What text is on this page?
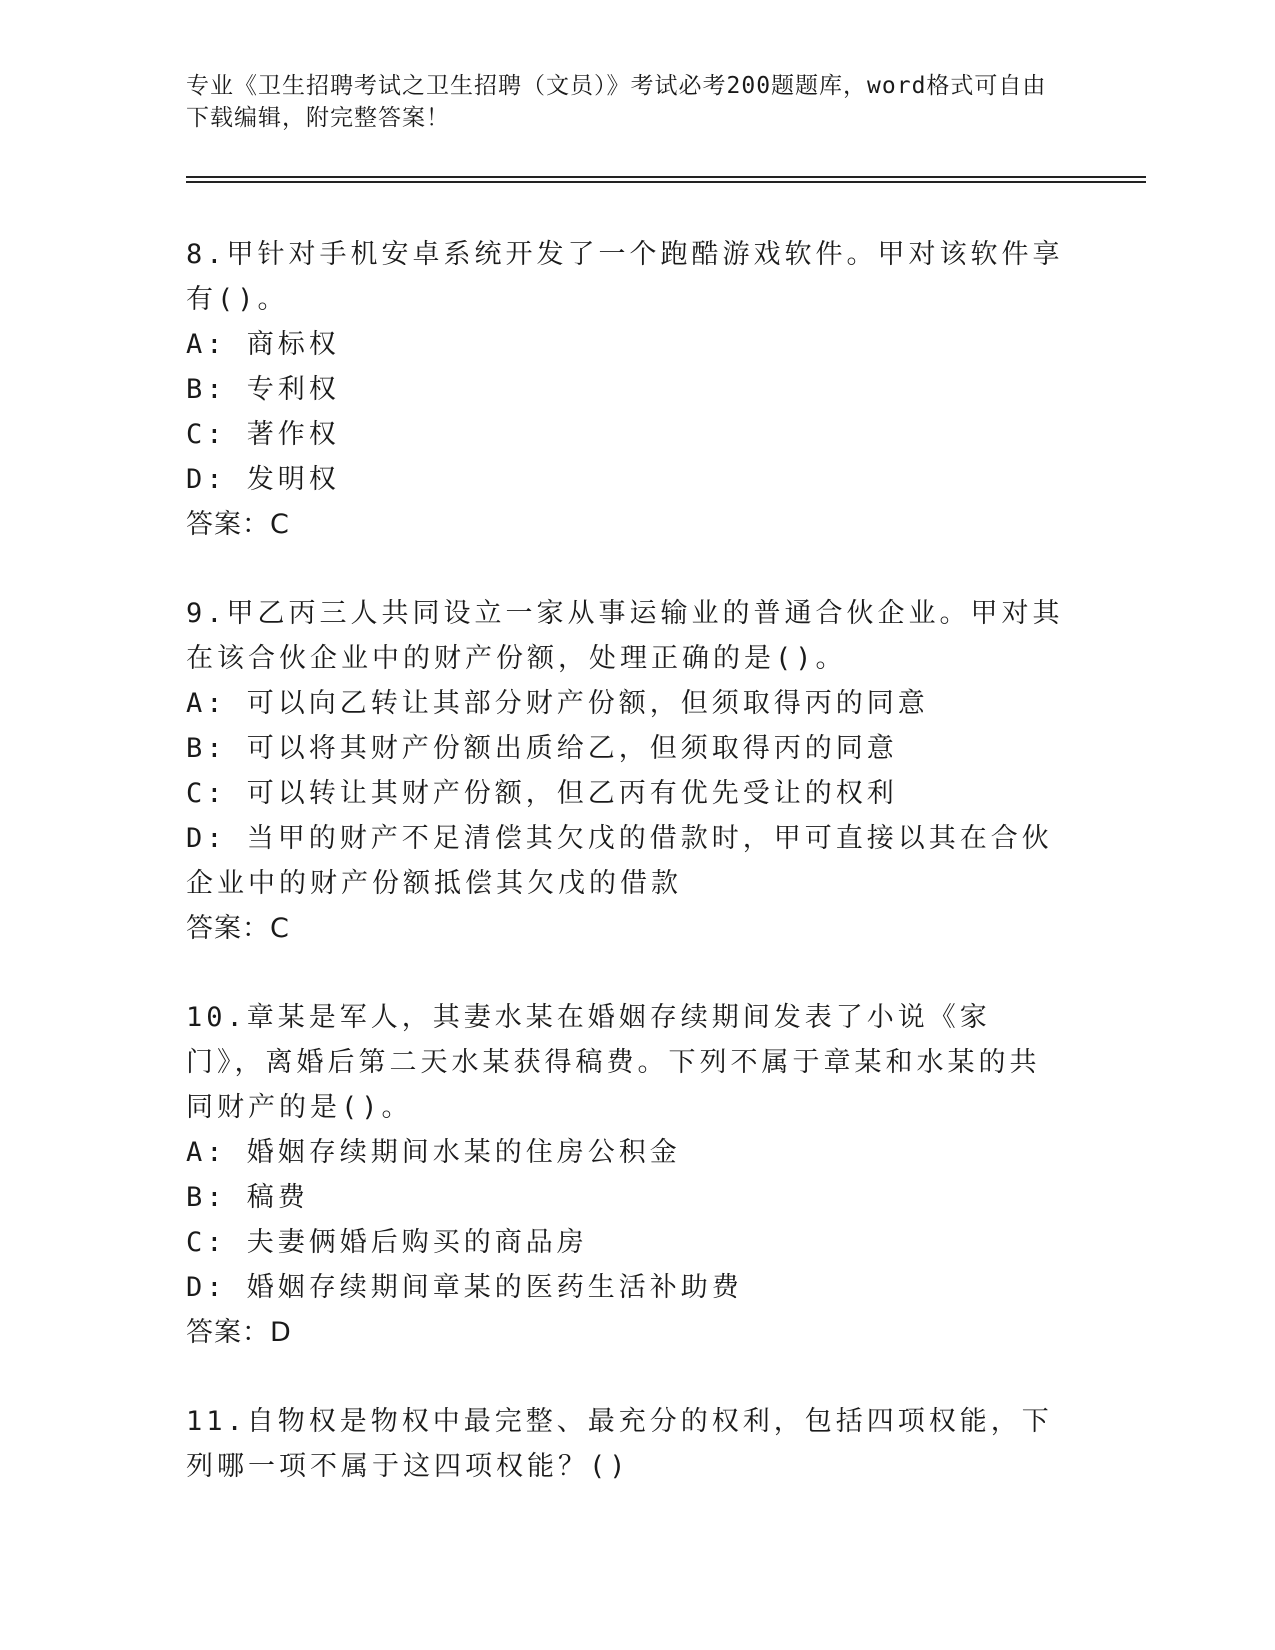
专业《卫生招聘考试之卫生招聘（文员）》考试必考200题题库，word格式可自由下载编辑，附完整答案！

8.甲针对手机安卓系统开发了一个跑酷游戏软件。甲对该软件享有()。

A: 商标权

B: 专利权

C: 著作权

D: 发明权

答案：C

9.甲乙丙三人共同设立一家从事运输业的普通合伙企业。甲对其在该合伙企业中的财产份额，处理正确的是()。

A: 可以向乙转让其部分财产份额，但须取得丙的同意

B: 可以将其财产份额出质给乙，但须取得丙的同意

C: 可以转让其财产份额，但乙丙有优先受让的权利

D: 当甲的财产不足清偿其欠戊的借款时，甲可直接以其在合伙企业中的财产份额抵偿其欠戊的借款

答案：C

10.章某是军人，其妻水某在婚姻存续期间发表了小说《家门》，离婚后第二天水某获得稿费。下列不属于章某和水某的共同财产的是()。

A: 婚姻存续期间水某的住房公积金

B: 稿费

C: 夫妻俩婚后购买的商品房

D: 婚姻存续期间章某的医药生活补助费

答案：D

11.自物权是物权中最完整、最充分的权利，包括四项权能，下列哪一项不属于这四项权能？()
